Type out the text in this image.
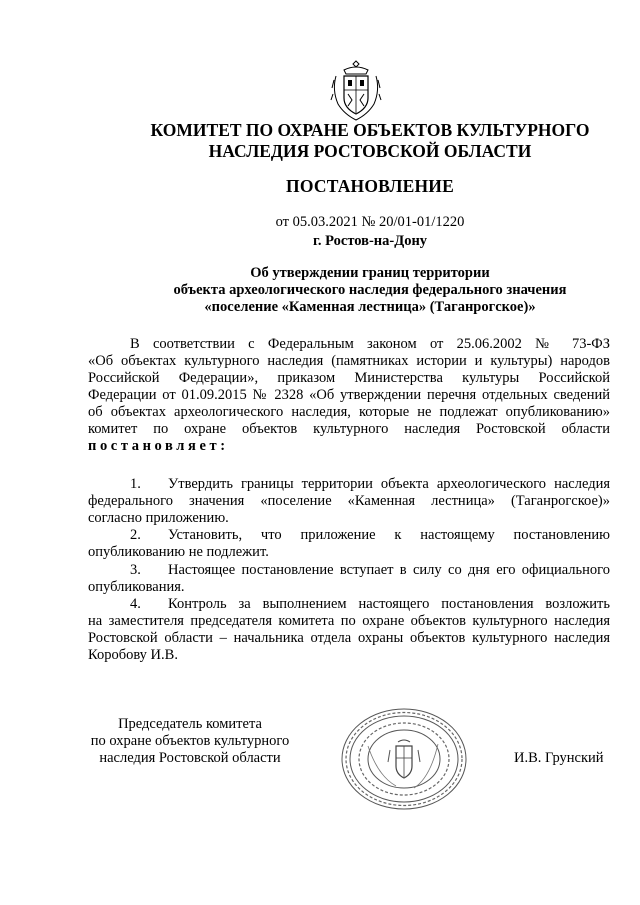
КОМИТЕТ ПО ОХРАНЕ ОБЪЕКТОВ КУЛЬТУРНОГО
НАСЛЕДИЯ РОСТОВСКОЙ ОБЛАСТИ
ПОСТАНОВЛЕНИЕ
от 05.03.2021 № 20/01-01/1220
г. Ростов-на-Дону
Об утверждении границ территории
объекта археологического наследия федерального значения
«поселение «Каменная лестница» (Таганрогское)»
В соответствии с Федеральным законом от 25.06.2002 № 73-ФЗ
«Об объектах культурного наследия (памятниках истории и культуры) народов
Российской Федерации», приказом Министерства культуры Российской
Федерации от 01.09.2015 № 2328 «Об утверждении перечня отдельных сведений
об объектах археологического наследия, которые не подлежат опубликованию»
комитет по охране объектов культурного наследия Ростовской области
постановляет:
1. Утвердить границы территории объекта археологического наследия
федерального значения «поселение «Каменная лестница» (Таганрогское)»
согласно приложению.
2. Установить, что приложение к настоящему постановлению
опубликованию не подлежит.
3. Настоящее постановление вступает в силу со дня его официального
опубликования.
4. Контроль за выполнением настоящего постановления возложить
на заместителя председателя комитета по охране объектов культурного наследия
Ростовской области – начальника отдела охраны объектов культурного наследия
Коробову И.В.
Председатель комитета
по охране объектов культурного
наследия Ростовской области	И.В. Грунский
